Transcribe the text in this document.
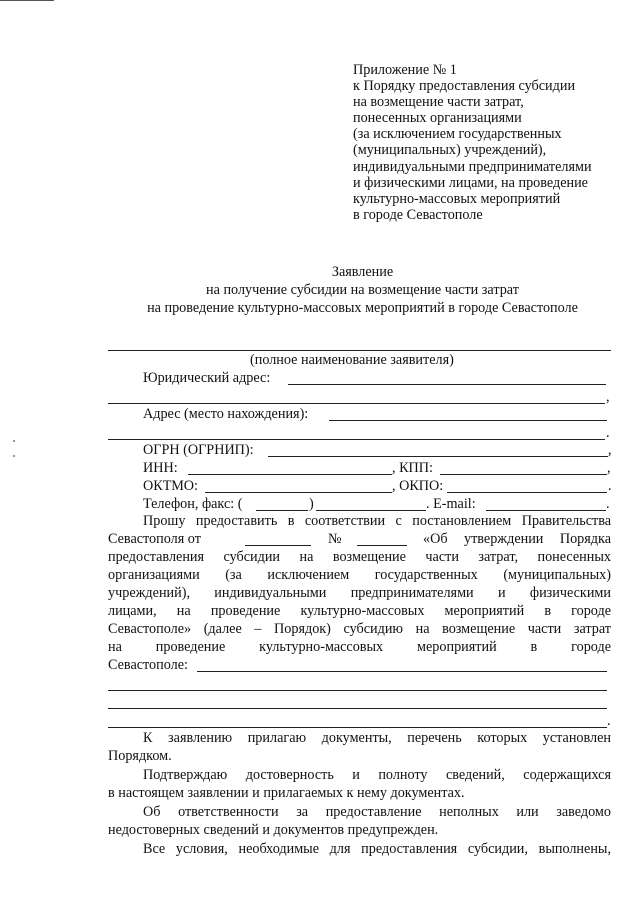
Приложение № 1
к Порядку предоставления субсидии
на возмещение части затрат,
понесенных организациями
(за исключением государственных
(муниципальных) учреждений),
индивидуальными предпринимателями
и физическими лицами, на проведение
культурно-массовых мероприятий
в городе Севастополе
Заявление
на получение субсидии на возмещение части затрат
на проведение культурно-массовых мероприятий в городе Севастополе
(полное наименование заявителя)
Юридический адрес:
,
Адрес (место нахождения):
.
ОГРН (ОГРНИП):	,
ИНН:	, КПП:	,
ОКТМО:	, ОКПО:	.
Телефон, факс: (	)	. E-mail:	.
Прошу предоставить в соответствии с постановлением Правительства
Севастополя от	№	«Об утверждении Порядка
предоставления субсидии на возмещение части затрат, понесенных
организациями (за исключением государственных (муниципальных)
учреждений), индивидуальными предпринимателями и физическими
лицами, на проведение культурно-массовых мероприятий в городе
Севастополе» (далее – Порядок) субсидию на возмещение части затрат
на проведение культурно-массовых мероприятий в городе
Севастополе:
.
К заявлению прилагаю документы, перечень которых установлен
Порядком.
Подтверждаю достоверность и полноту сведений, содержащихся
в настоящем заявлении и прилагаемых к нему документах.
Об ответственности за предоставление неполных или заведомо
недостоверных сведений и документов предупрежден.
Все условия, необходимые для предоставления субсидии, выполнены,
